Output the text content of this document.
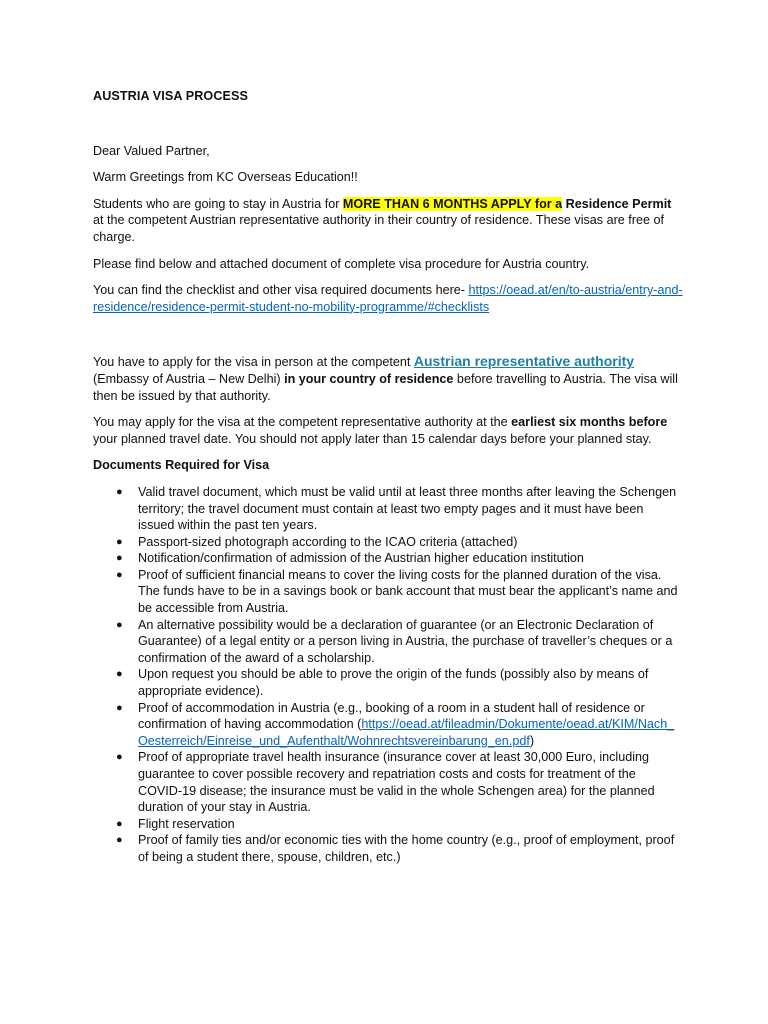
AUSTRIA VISA PROCESS

Dear Valued Partner,

Warm Greetings from KC Overseas Education!!

Students who are going to stay in Austria for MORE THAN 6 MONTHS APPLY for a Residence Permit at the competent Austrian representative authority in their country of residence. These visas are free of charge.

Please find below and attached document of complete visa procedure for Austria country.

You can find the checklist and other visa required documents here- https://oead.at/en/to-austria/entry-and-residence/residence-permit-student-no-mobility-programme/#checklists

You have to apply for the visa in person at the competent Austrian representative authority (Embassy of Austria – New Delhi) in your country of residence before travelling to Austria. The visa will then be issued by that authority.

You may apply for the visa at the competent representative authority at the earliest six months before your planned travel date. You should not apply later than 15 calendar days before your planned stay.

Documents Required for Visa
● Valid travel document, which must be valid until at least three months after leaving the Schengen territory; the travel document must contain at least two empty pages and it must have been issued within the past ten years.
● Passport-sized photograph according to the ICAO criteria (attached)
● Notification/confirmation of admission of the Austrian higher education institution
● Proof of sufficient financial means to cover the living costs for the planned duration of the visa. The funds have to be in a savings book or bank account that must bear the applicant’s name and be accessible from Austria.
● An alternative possibility would be a declaration of guarantee (or an Electronic Declaration of Guarantee) of a legal entity or a person living in Austria, the purchase of traveller’s cheques or a confirmation of the award of a scholarship.
● Upon request you should be able to prove the origin of the funds (possibly also by means of appropriate evidence).
● Proof of accommodation in Austria (e.g., booking of a room in a student hall of residence or confirmation of having accommodation (https://oead.at/fileadmin/Dokumente/oead.at/KIM/Nach_Oesterreich/Einreise_und_Aufenthalt/Wohnrechtsvereinbarung_en.pdf)
● Proof of appropriate travel health insurance (insurance cover at least 30,000 Euro, including guarantee to cover possible recovery and repatriation costs and costs for treatment of the COVID-19 disease; the insurance must be valid in the whole Schengen area) for the planned duration of your stay in Austria.
● Flight reservation
● Proof of family ties and/or economic ties with the home country (e.g., proof of employment, proof of being a student there, spouse, children, etc.)
